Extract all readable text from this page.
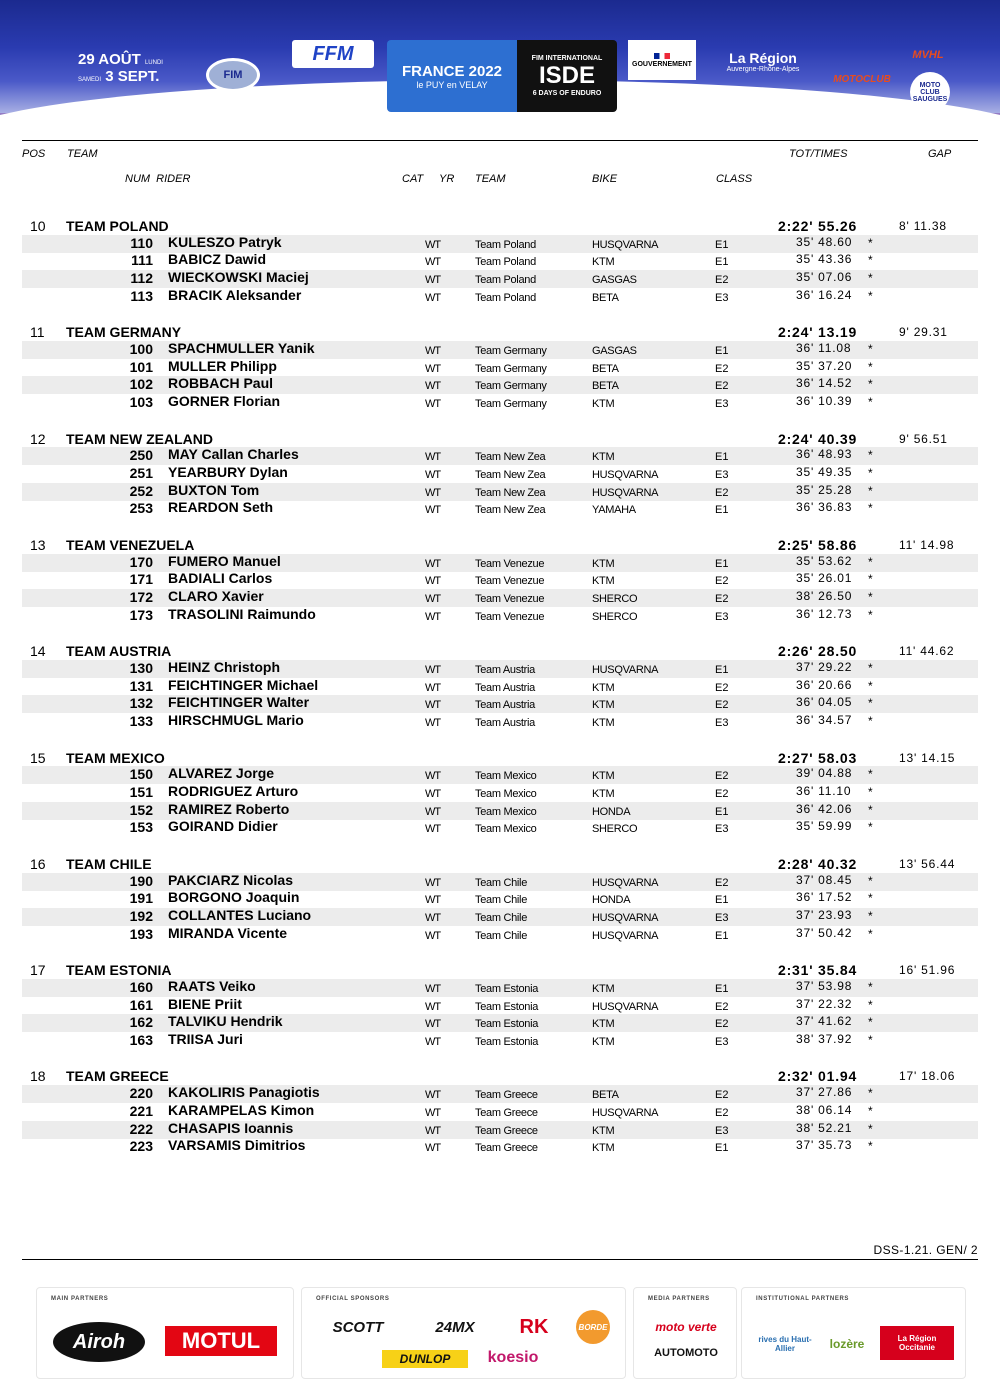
29 AOÛT LUNDI
SAMEDI 3 SEPT.	FIM
FFM
ligue MOTO
FRANCE 2022
le PUY en VELAY
FIM INTERNATIONAL
ISDE
6 DAYS OF ENDURO
GOUVERNEMENT
Haute-Loire
La Région
Auvergne-Rhône-Alpes
le PUY en VELAY
MOTOCLUB
MVHL
MOTO CLUB SAUGUES
POS TEAM	TOT/TIMES	GAP
NUM  RIDER	CAT YR TEAM	BIKE	CLASS
10 TEAM POLAND	2:22' 55.26	8' 11.38
110 KULESZO Patryk	WT	Team Poland	HUSQVARNA	E1	35' 48.60 *
111 BABICZ Dawid	WT	Team Poland	KTM	E1	35' 43.36 *
112 WIECKOWSKI Maciej	WT	Team Poland	GASGAS	E2	35' 07.06 *
113 BRACIK Aleksander	WT	Team Poland	BETA	E3	36' 16.24 *
11 TEAM GERMANY	2:24' 13.19	9' 29.31
100 SPACHMULLER Yanik	WT	Team Germany	GASGAS	E1	36' 11.08 *
101 MULLER Philipp	WT	Team Germany	BETA	E2	35' 37.20 *
102 ROBBACH Paul	WT	Team Germany	BETA	E2	36' 14.52 *
103 GORNER Florian	WT	Team Germany	KTM	E3	36' 10.39 *
12 TEAM NEW ZEALAND	2:24' 40.39	9' 56.51
250 MAY Callan Charles	WT	Team New Zea	KTM	E1	36' 48.93 *
251 YEARBURY Dylan	WT	Team New Zea	HUSQVARNA	E3	35' 49.35 *
252 BUXTON Tom	WT	Team New Zea	HUSQVARNA	E2	35' 25.28 *
253 REARDON Seth	WT	Team New Zea	YAMAHA	E1	36' 36.83 *
13 TEAM VENEZUELA	2:25' 58.86	11' 14.98
170 FUMERO Manuel	WT	Team Venezue	KTM	E1	35' 53.62 *
171 BADIALI Carlos	WT	Team Venezue	KTM	E2	35' 26.01 *
172 CLARO Xavier	WT	Team Venezue	SHERCO	E2	38' 26.50 *
173 TRASOLINI Raimundo	WT	Team Venezue	SHERCO	E3	36' 12.73 *
14 TEAM AUSTRIA	2:26' 28.50	11' 44.62
130 HEINZ Christoph	WT	Team Austria	HUSQVARNA	E1	37' 29.22 *
131 FEICHTINGER Michael	WT	Team Austria	KTM	E2	36' 20.66 *
132 FEICHTINGER Walter	WT	Team Austria	KTM	E2	36' 04.05 *
133 HIRSCHMUGL Mario	WT	Team Austria	KTM	E3	36' 34.57 *
15 TEAM MEXICO	2:27' 58.03	13' 14.15
150 ALVAREZ Jorge	WT	Team Mexico	KTM	E2	39' 04.88 *
151 RODRIGUEZ Arturo	WT	Team Mexico	KTM	E2	36' 11.10 *
152 RAMIREZ Roberto	WT	Team Mexico	HONDA	E1	36' 42.06 *
153 GOIRAND Didier	WT	Team Mexico	SHERCO	E3	35' 59.99 *
16 TEAM CHILE	2:28' 40.32	13' 56.44
190 PAKCIARZ Nicolas	WT	Team Chile	HUSQVARNA	E2	37' 08.45 *
191 BORGONO Joaquin	WT	Team Chile	HONDA	E1	36' 17.52 *
192 COLLANTES Luciano	WT	Team Chile	HUSQVARNA	E3	37' 23.93 *
193 MIRANDA Vicente	WT	Team Chile	HUSQVARNA	E1	37' 50.42 *
17 TEAM ESTONIA	2:31' 35.84	16' 51.96
160 RAATS Veiko	WT	Team Estonia	KTM	E1	37' 53.98 *
161 BIENE Priit	WT	Team Estonia	HUSQVARNA	E2	37' 22.32 *
162 TALVIKU Hendrik	WT	Team Estonia	KTM	E2	37' 41.62 *
163 TRIISA Juri	WT	Team Estonia	KTM	E3	38' 37.92 *
18 TEAM GREECE	2:32' 01.94	17' 18.06
220 KAKOLIRIS Panagiotis	WT	Team Greece	BETA	E2	37' 27.86 *
221 KARAMPELAS Kimon	WT	Team Greece	HUSQVARNA	E2	38' 06.14 *
222 CHASAPIS Ioannis	WT	Team Greece	KTM	E3	38' 52.21 *
223 VARSAMIS Dimitrios	WT	Team Greece	KTM	E1	37' 35.73 *
DSS-1.21. GEN/ 2
MAIN PARTNERS
Airoh	MOTUL
OFFICIAL SPONSORS
SCOTT	24MX	RK	BORDE
DUNLOP	koesio
MEDIA PARTNERS
moto verte
AUTOMOTO
INSTITUTIONAL PARTNERS
rives du Haut-Allier	lozère	La Région Occitanie
